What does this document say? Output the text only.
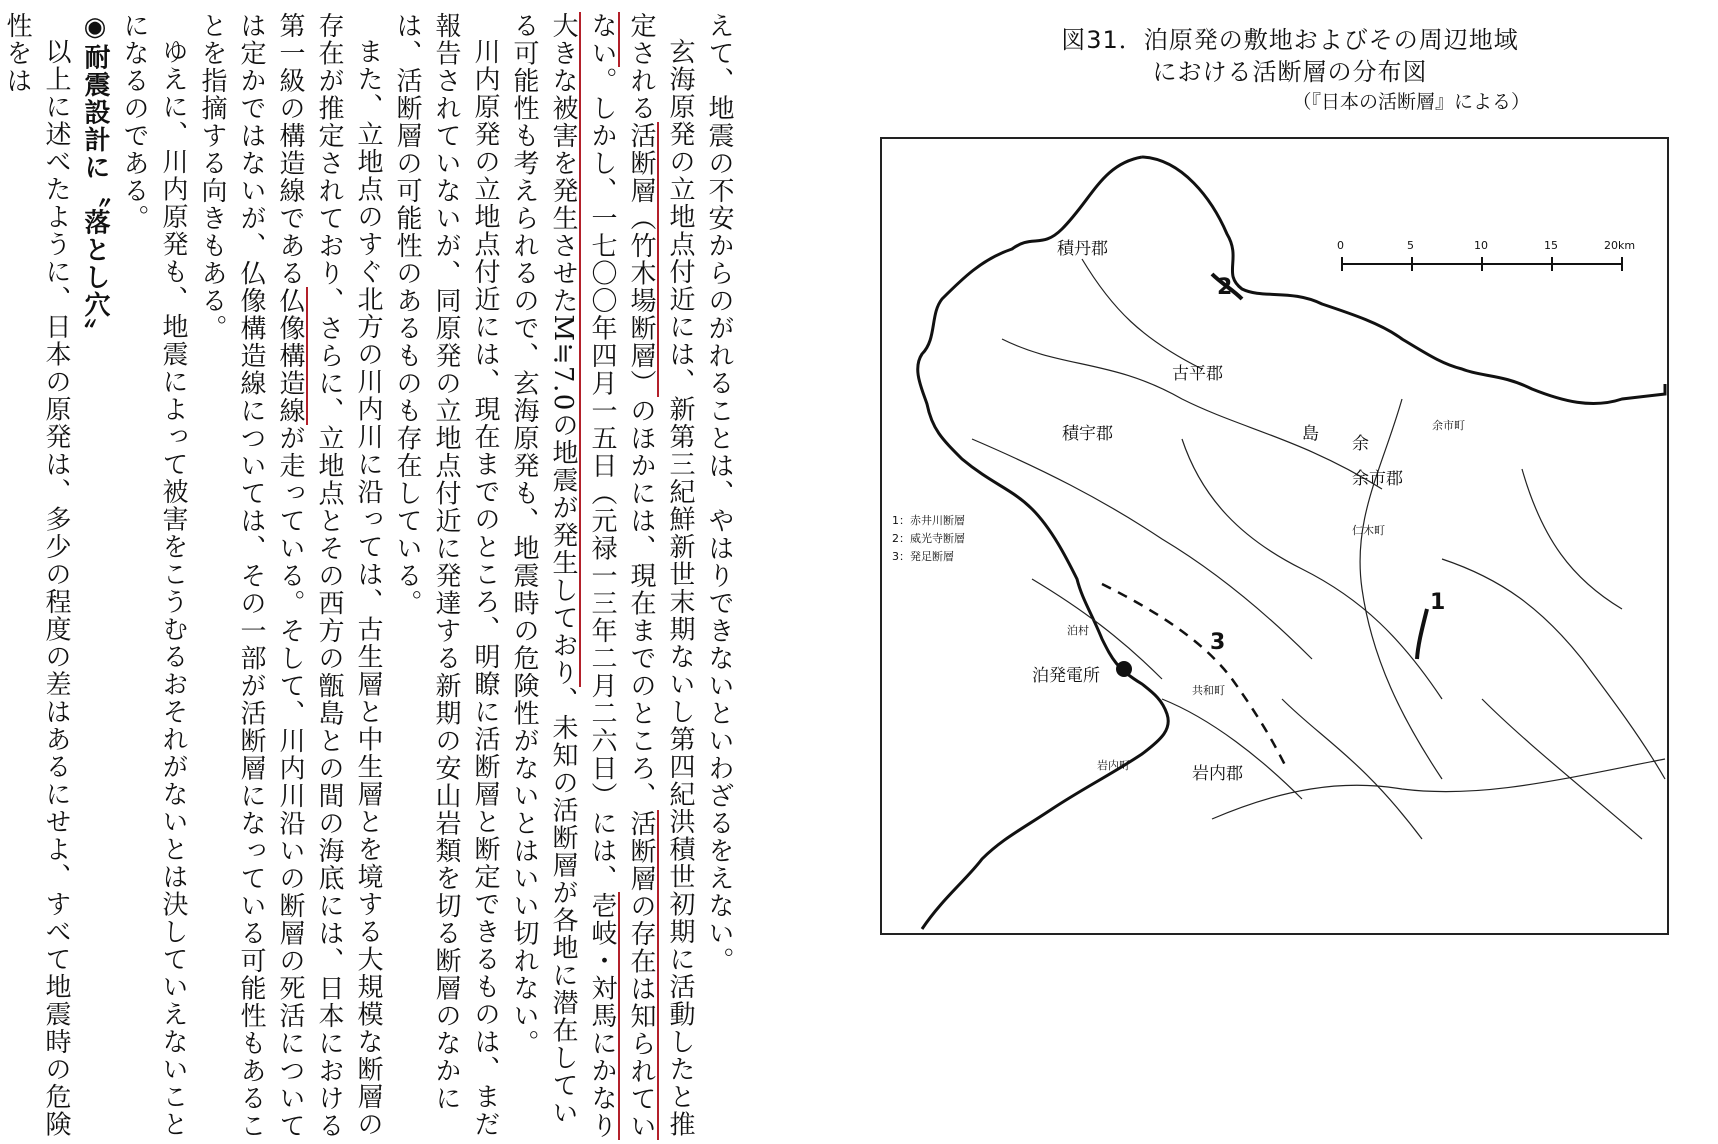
えて、地震の不安からのがれることは、やはりできないといわざるをえない。

玄海原発の立地点付近には、新第三紀鮮新世末期ないし第四紀洪積世初期に活動したと推定される活断層（竹木場断層）のほかには、現在までのところ、活断層の存在は知られていない。しかし、一七〇〇年四月一五日（元禄一三年二月二六日）には、壱岐・対馬にかなり大きな被害を発生させたM≒7.0の地震が発生しており、未知の活断層が各地に潜在している可能性も考えられるので、玄海原発も、地震時の危険性がないとはいい切れない。

川内原発の立地点付近には、現在までのところ、明瞭に活断層と断定できるものは、まだ報告されていないが、同原発の立地点付近に発達する新期の安山岩類を切る断層のなかには、活断層の可能性のあるものも存在している。

また、立地点のすぐ北方の川内川に沿っては、古生層と中生層とを境する大規模な断層の存在が推定されており、さらに、立地点とその西方の甑島との間の海底には、日本における第一級の構造線である仏像構造線が走っている。そして、川内川沿いの断層の死活については定かではないが、仏像構造線については、その一部が活断層になっている可能性もあることを指摘する向きもある。

ゆえに、川内原発も、地震によって被害をこうむるおそれがないとは決していえないことになるのである。

◉耐震設計に〝落とし穴〟

以上に述べたように、日本の原発は、多少の程度の差はあるにせよ、すべて地震時の危険性をは	図31．泊原発の敷地およびその周辺地域
における活断層の分布図
（『日本の活断層』による）
0	5	10	15	20km
1：赤井川断層
2：威光寺断層
3：発足断層
積丹郡
古平郡
積宇郡
余市郡
岩内郡
島 余
泊村
泊発電所
共和町
仁木町
余市町
岩内町
1
2
3
